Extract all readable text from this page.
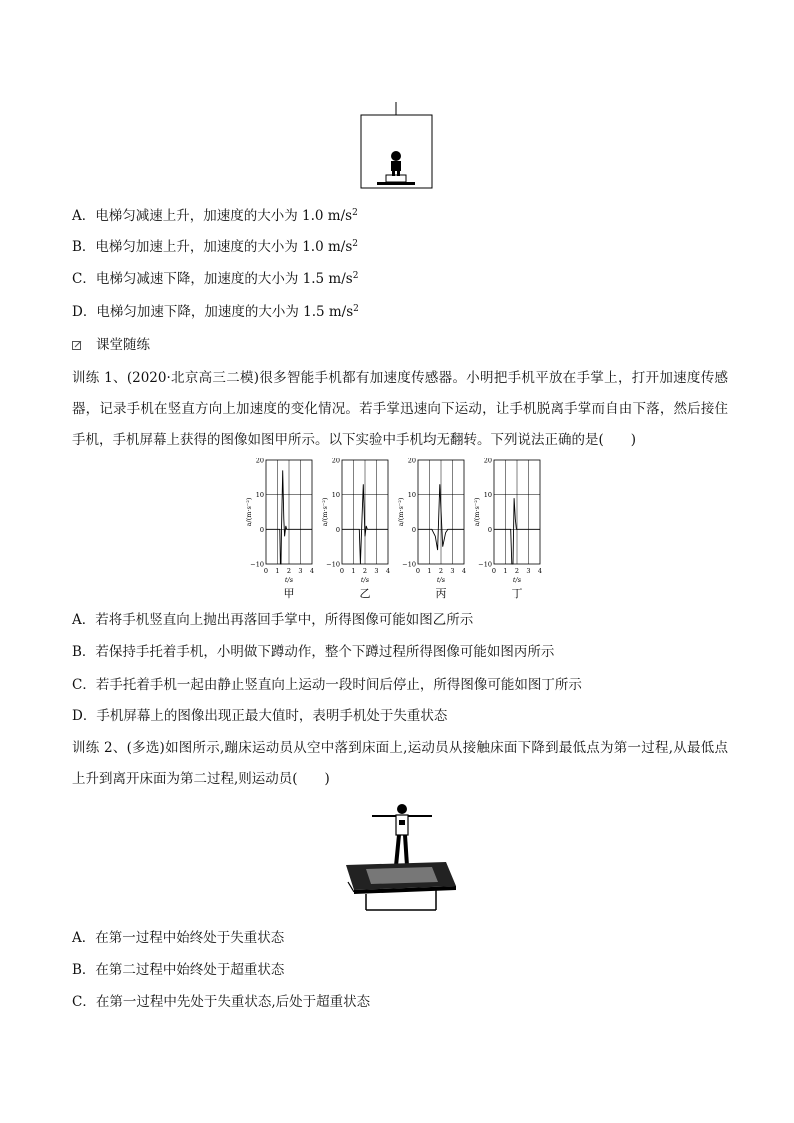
A．电梯匀减速上升，加速度的大小为 1.0 $m/s^2$
B．电梯匀加速上升，加速度的大小为 1.0 $m/s^2$
C．电梯匀减速下降，加速度的大小为 1.5 $m/s^2$
D．电梯匀加速下降，加速度的大小为 1.5 $m/s^2$
课堂随练
训练 1、(2020·北京高三二模)很多智能手机都有加速度传感器。小明把手机平放在手掌上，打开加速度传感器，记录手机在竖直方向上加速度的变化情况。若手掌迅速向下运动，让手机脱离手掌而自由下落，然后接住手机，手机屏幕上获得的图像如图甲所示。以下实验中手机均无翻转。下列说法正确的是(　　)
20
10
0
−10
0 1 2 3 4
t/s
a/(m·s⁻²)
甲
20
10
0
−10
0 1 2 3 4
t/s
a/(m·s⁻²)
乙
20
10
0
−10
0 1 2 3 4
t/s
a/(m·s⁻²)
丙
20
10
0
−10
0 1 2 3 4
t/s
a/(m·s⁻²)
丁
A．若将手机竖直向上抛出再落回手掌中，所得图像可能如图乙所示
B．若保持手托着手机，小明做下蹲动作，整个下蹲过程所得图像可能如图丙所示
C．若手托着手机一起由静止竖直向上运动一段时间后停止，所得图像可能如图丁所示
D．手机屏幕上的图像出现正最大值时，表明手机处于失重状态
训练 2、(多选)如图所示,蹦床运动员从空中落到床面上,运动员从接触床面下降到最低点为第一过程,从最低点上升到离开床面为第二过程,则运动员(　　)
A．在第一过程中始终处于失重状态
B．在第二过程中始终处于超重状态
C．在第一过程中先处于失重状态,后处于超重状态
